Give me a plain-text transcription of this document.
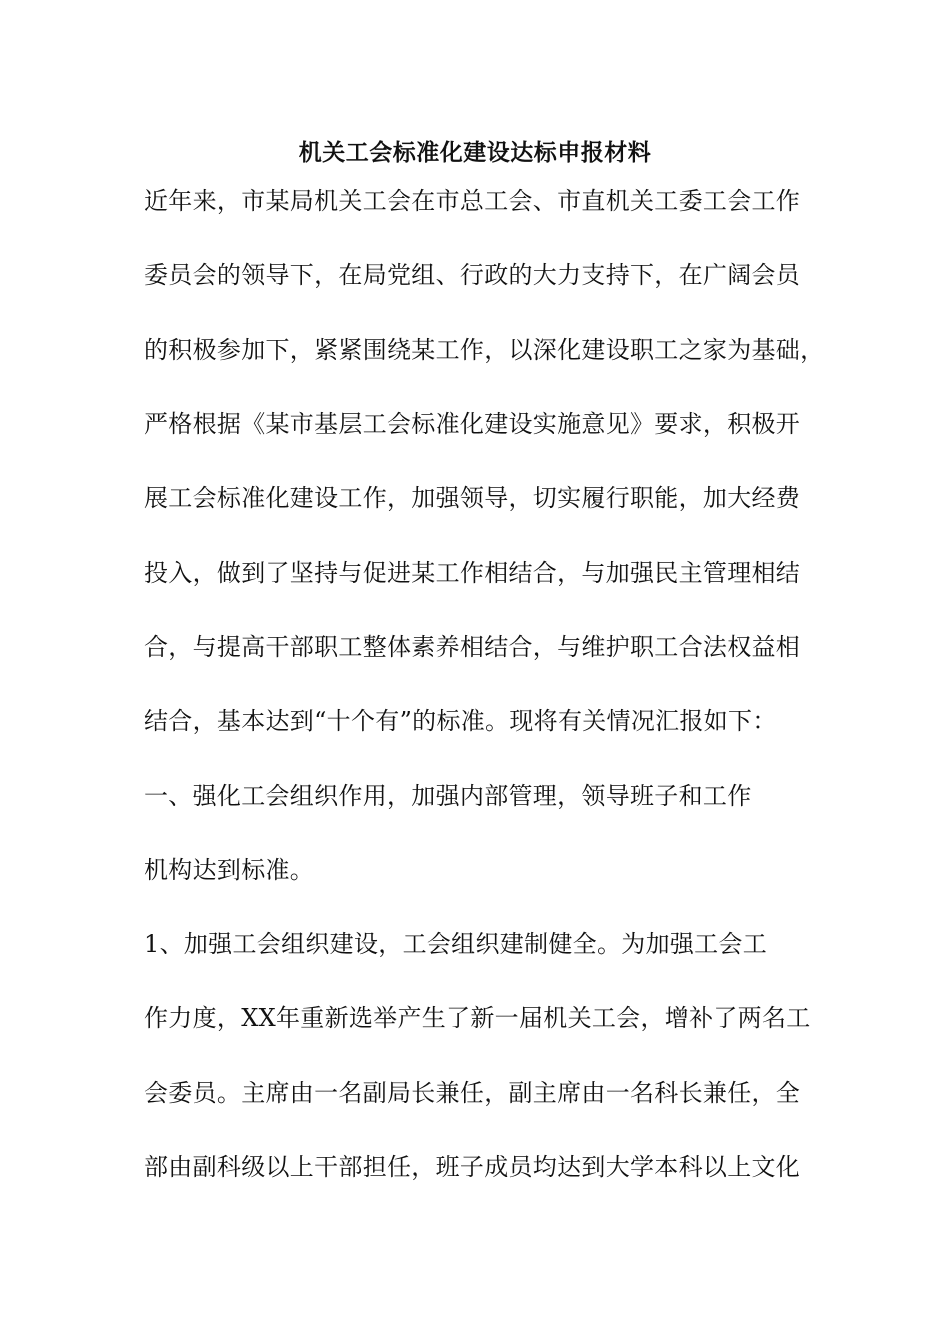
机关工会标准化建设达标申报材料
近年来，市某局机关工会在市总工会、市直机关工委工会工作
委员会的领导下，在局党组、行政的大力支持下，在广阔会员
的积极参加下，紧紧围绕某工作，以深化建设职工之家为基础，
严格根据《某市基层工会标准化建设实施意见》要求，积极开
展工会标准化建设工作，加强领导，切实履行职能，加大经费
投入，做到了坚持与促进某工作相结合，与加强民主管理相结
合，与提高干部职工整体素养相结合，与维护职工合法权益相
结合，基本达到“十个有”的标准。现将有关情况汇报如下：
一、强化工会组织作用，加强内部管理，领导班子和工作
机构达到标准。
1、加强工会组织建设，工会组织建制健全。为加强工会工
作力度，XX年重新选举产生了新一届机关工会，增补了两名工
会委员。主席由一名副局长兼任，副主席由一名科长兼任，全
部由副科级以上干部担任，班子成员均达到大学本科以上文化
